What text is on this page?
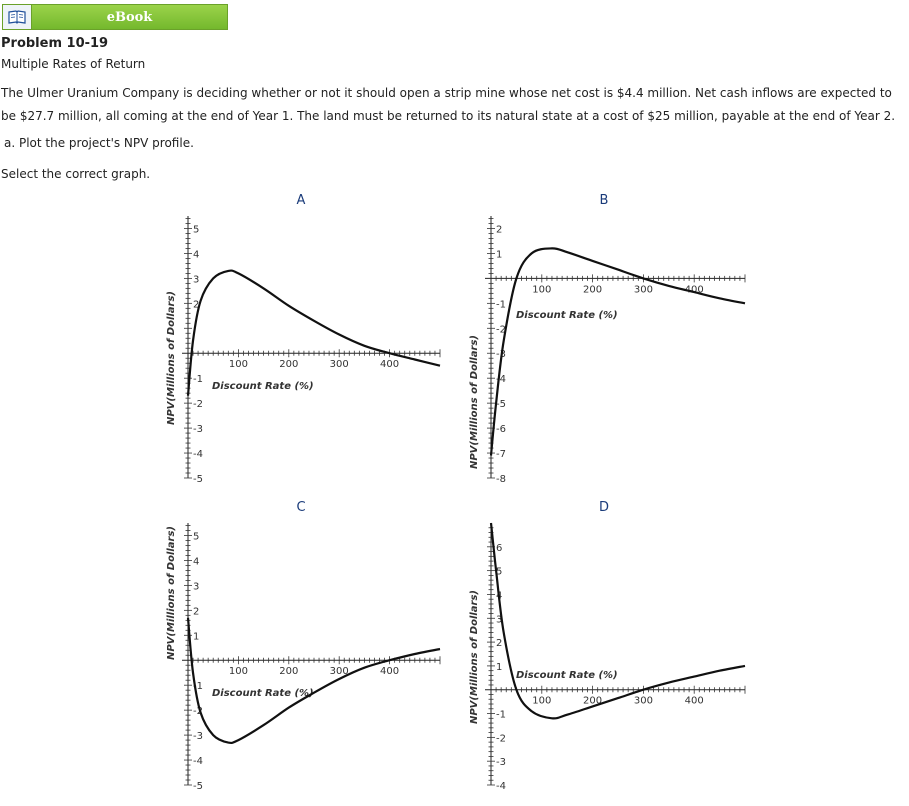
eBook
Problem 10-19
Multiple Rates of Return
The Ulmer Uranium Company is deciding whether or not it should open a strip mine whose net cost is $4.4 million. Net cash inflows are expected to be $27.7 million, all coming at the end of Year 1. The land must be returned to its natural state at a cost of $25 million, payable at the end of Year 2.
a. Plot the project's NPV profile.
Select the correct graph.
A
NPV(Millions of Dollars)	Discount Rate (%)
100	200	300	400
-5
-4
-3
-2
-1
2
3
4
5
B
NPV(Millions of Dollars)
Discount Rate (%)
100	200	300	400
-8
-7
-6
-5
-4
-3
-2
-1
1
2
C
NPV(Millions of Dollars)
Discount Rate (%)
100	200	300	400
-5
-4
-3
-2
-1
1
2
3
4
5
D
NPV(Millions of Dollars)	Discount Rate (%)
100	200	300	400
-4
-3
-2
-1
1
2
3
4
5
6
